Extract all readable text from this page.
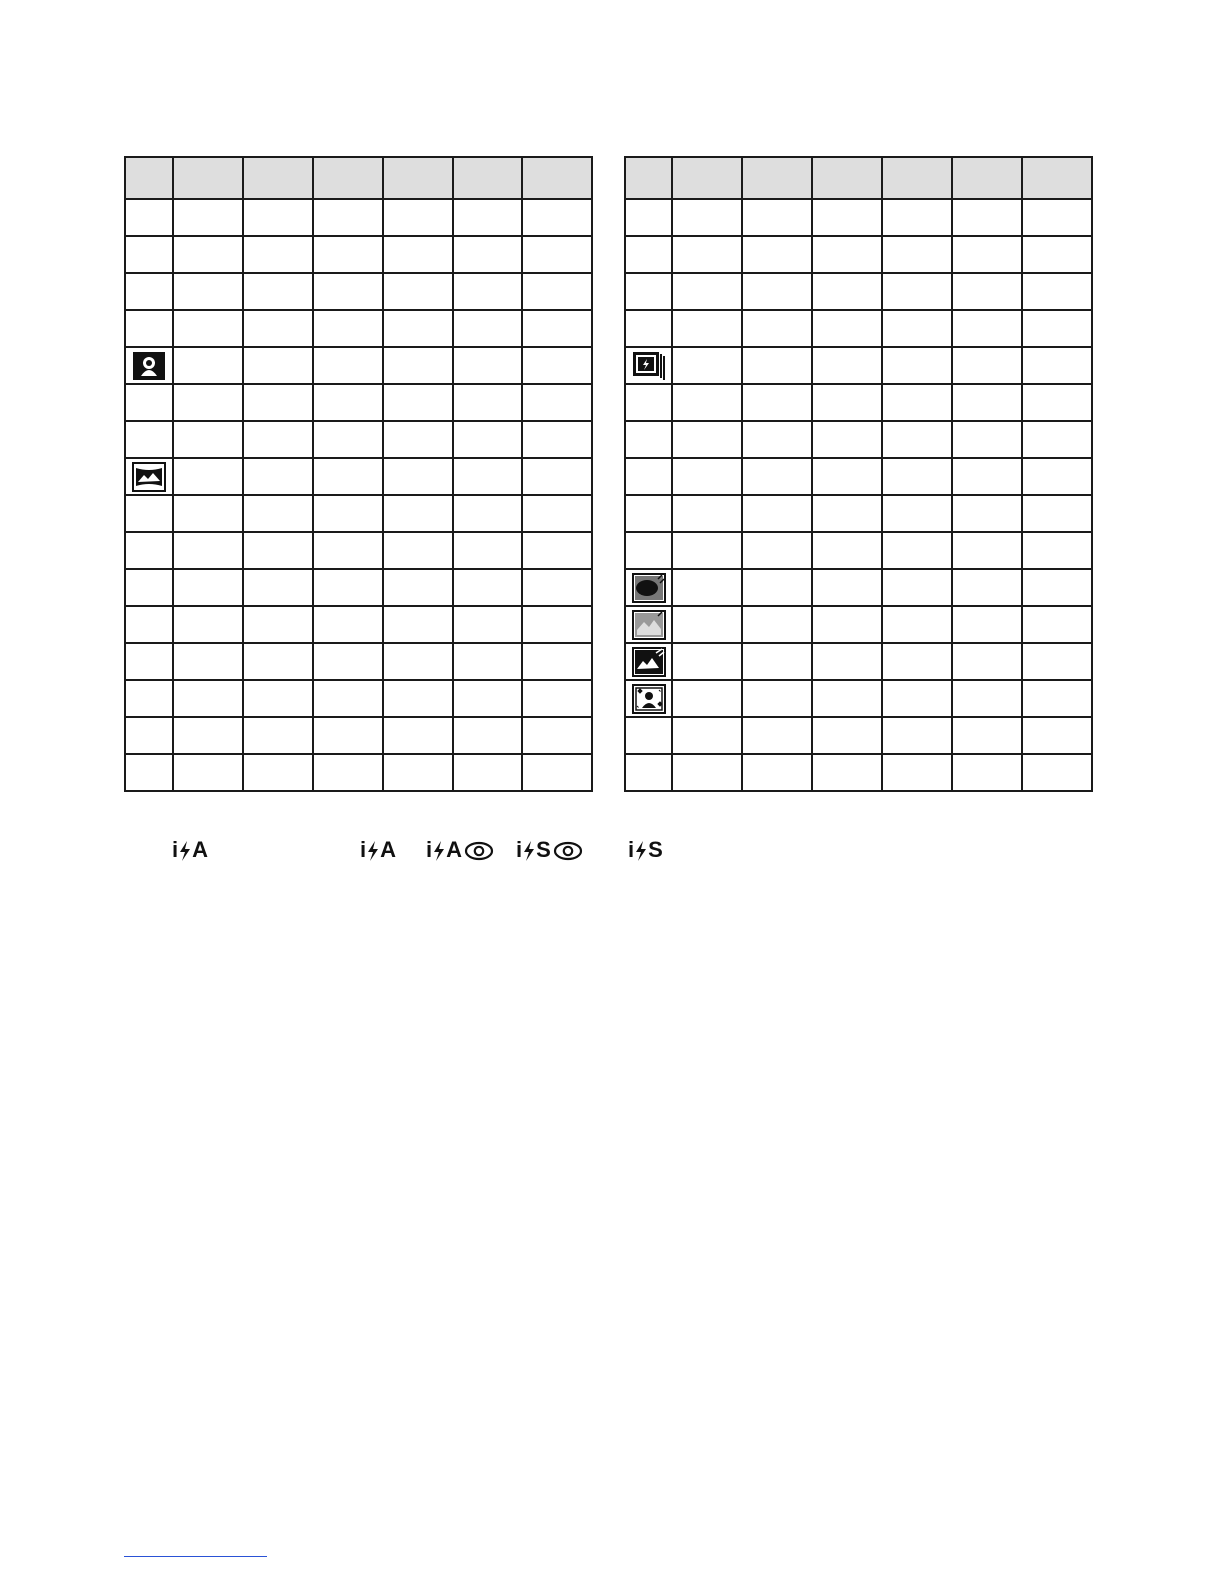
i A	i A i A i S	i S
